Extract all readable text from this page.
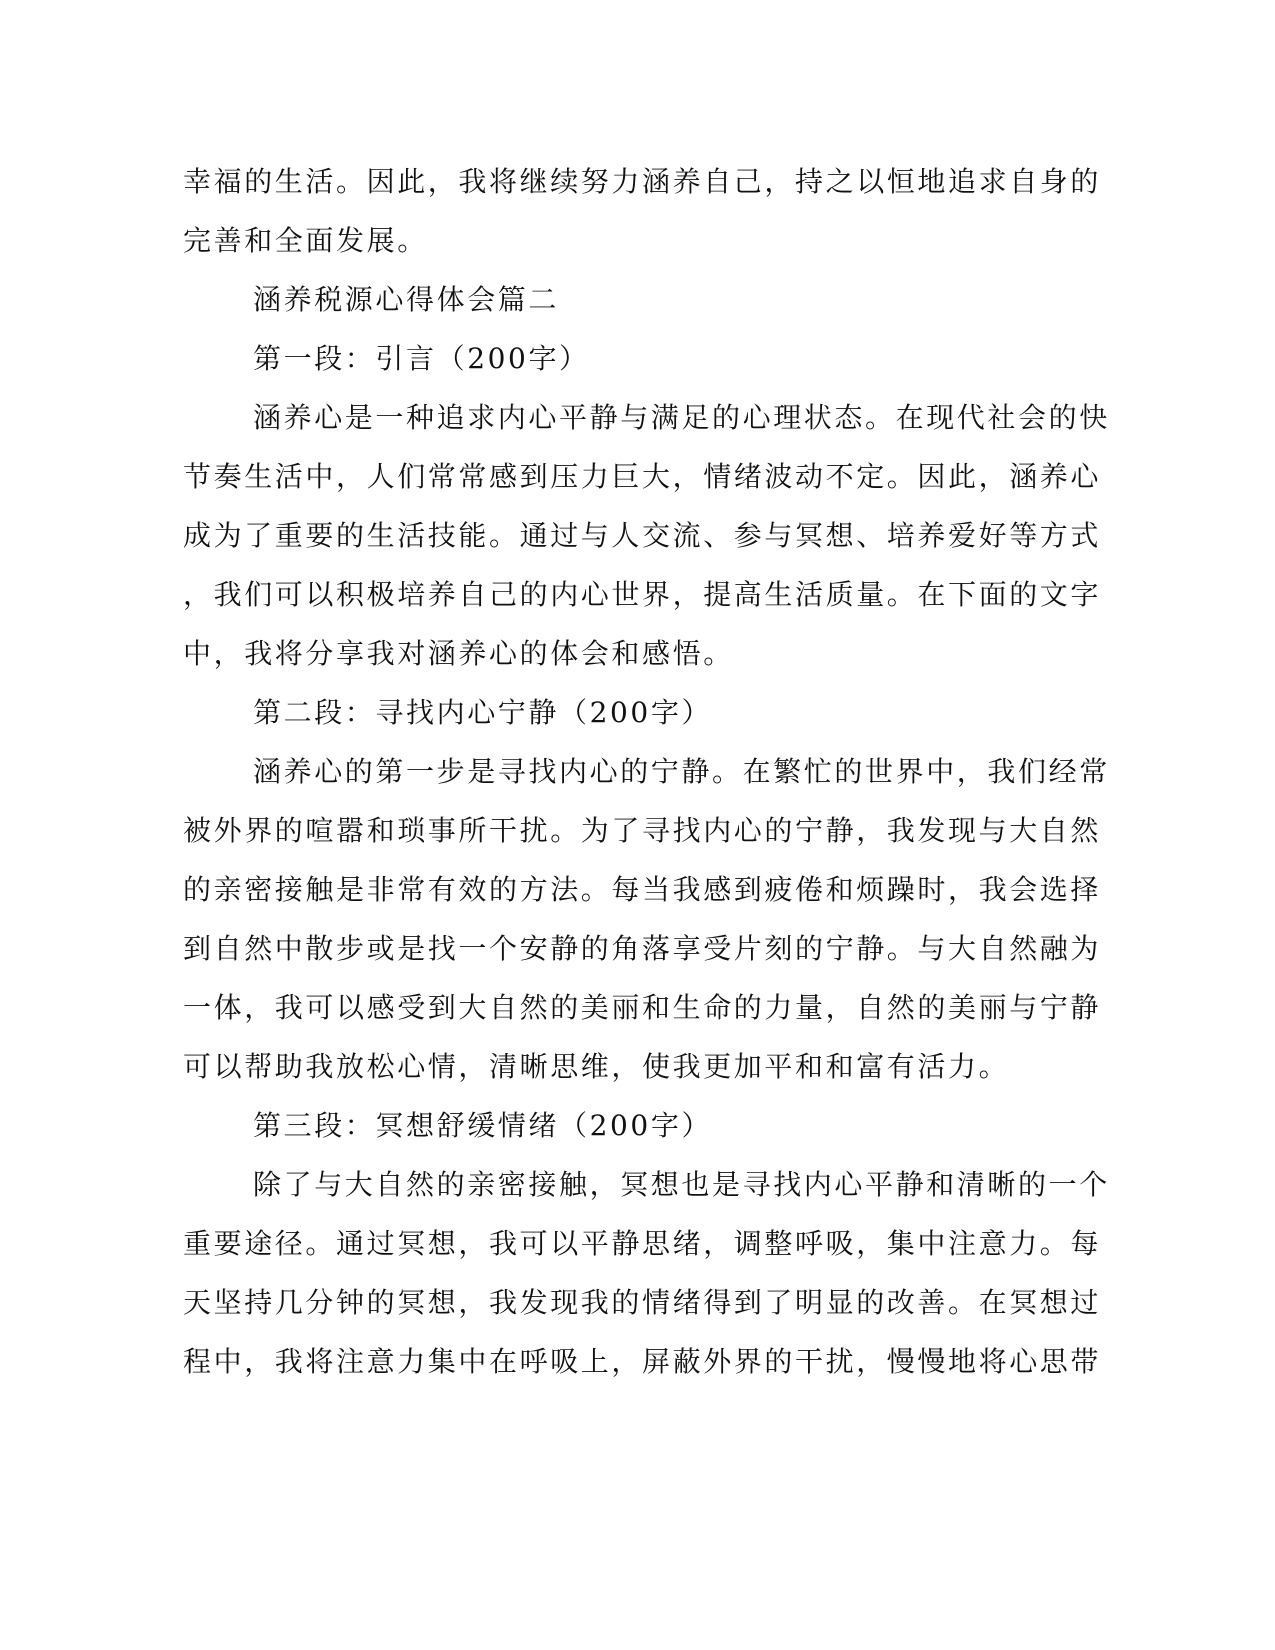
幸福的生活。因此，我将继续努力涵养自己，持之以恒地追求自身的
完善和全面发展。
涵养税源心得体会篇二
第一段：引言（200字）
涵养心是一种追求内心平静与满足的心理状态。在现代社会的快
节奏生活中，人们常常感到压力巨大，情绪波动不定。因此，涵养心
成为了重要的生活技能。通过与人交流、参与冥想、培养爱好等方式
，我们可以积极培养自己的内心世界，提高生活质量。在下面的文字
中，我将分享我对涵养心的体会和感悟。
第二段：寻找内心宁静（200字）
涵养心的第一步是寻找内心的宁静。在繁忙的世界中，我们经常
被外界的喧嚣和琐事所干扰。为了寻找内心的宁静，我发现与大自然
的亲密接触是非常有效的方法。每当我感到疲倦和烦躁时，我会选择
到自然中散步或是找一个安静的角落享受片刻的宁静。与大自然融为
一体，我可以感受到大自然的美丽和生命的力量，自然的美丽与宁静
可以帮助我放松心情，清晰思维，使我更加平和和富有活力。
第三段：冥想舒缓情绪（200字）
除了与大自然的亲密接触，冥想也是寻找内心平静和清晰的一个
重要途径。通过冥想，我可以平静思绪，调整呼吸，集中注意力。每
天坚持几分钟的冥想，我发现我的情绪得到了明显的改善。在冥想过
程中，我将注意力集中在呼吸上，屏蔽外界的干扰，慢慢地将心思带
